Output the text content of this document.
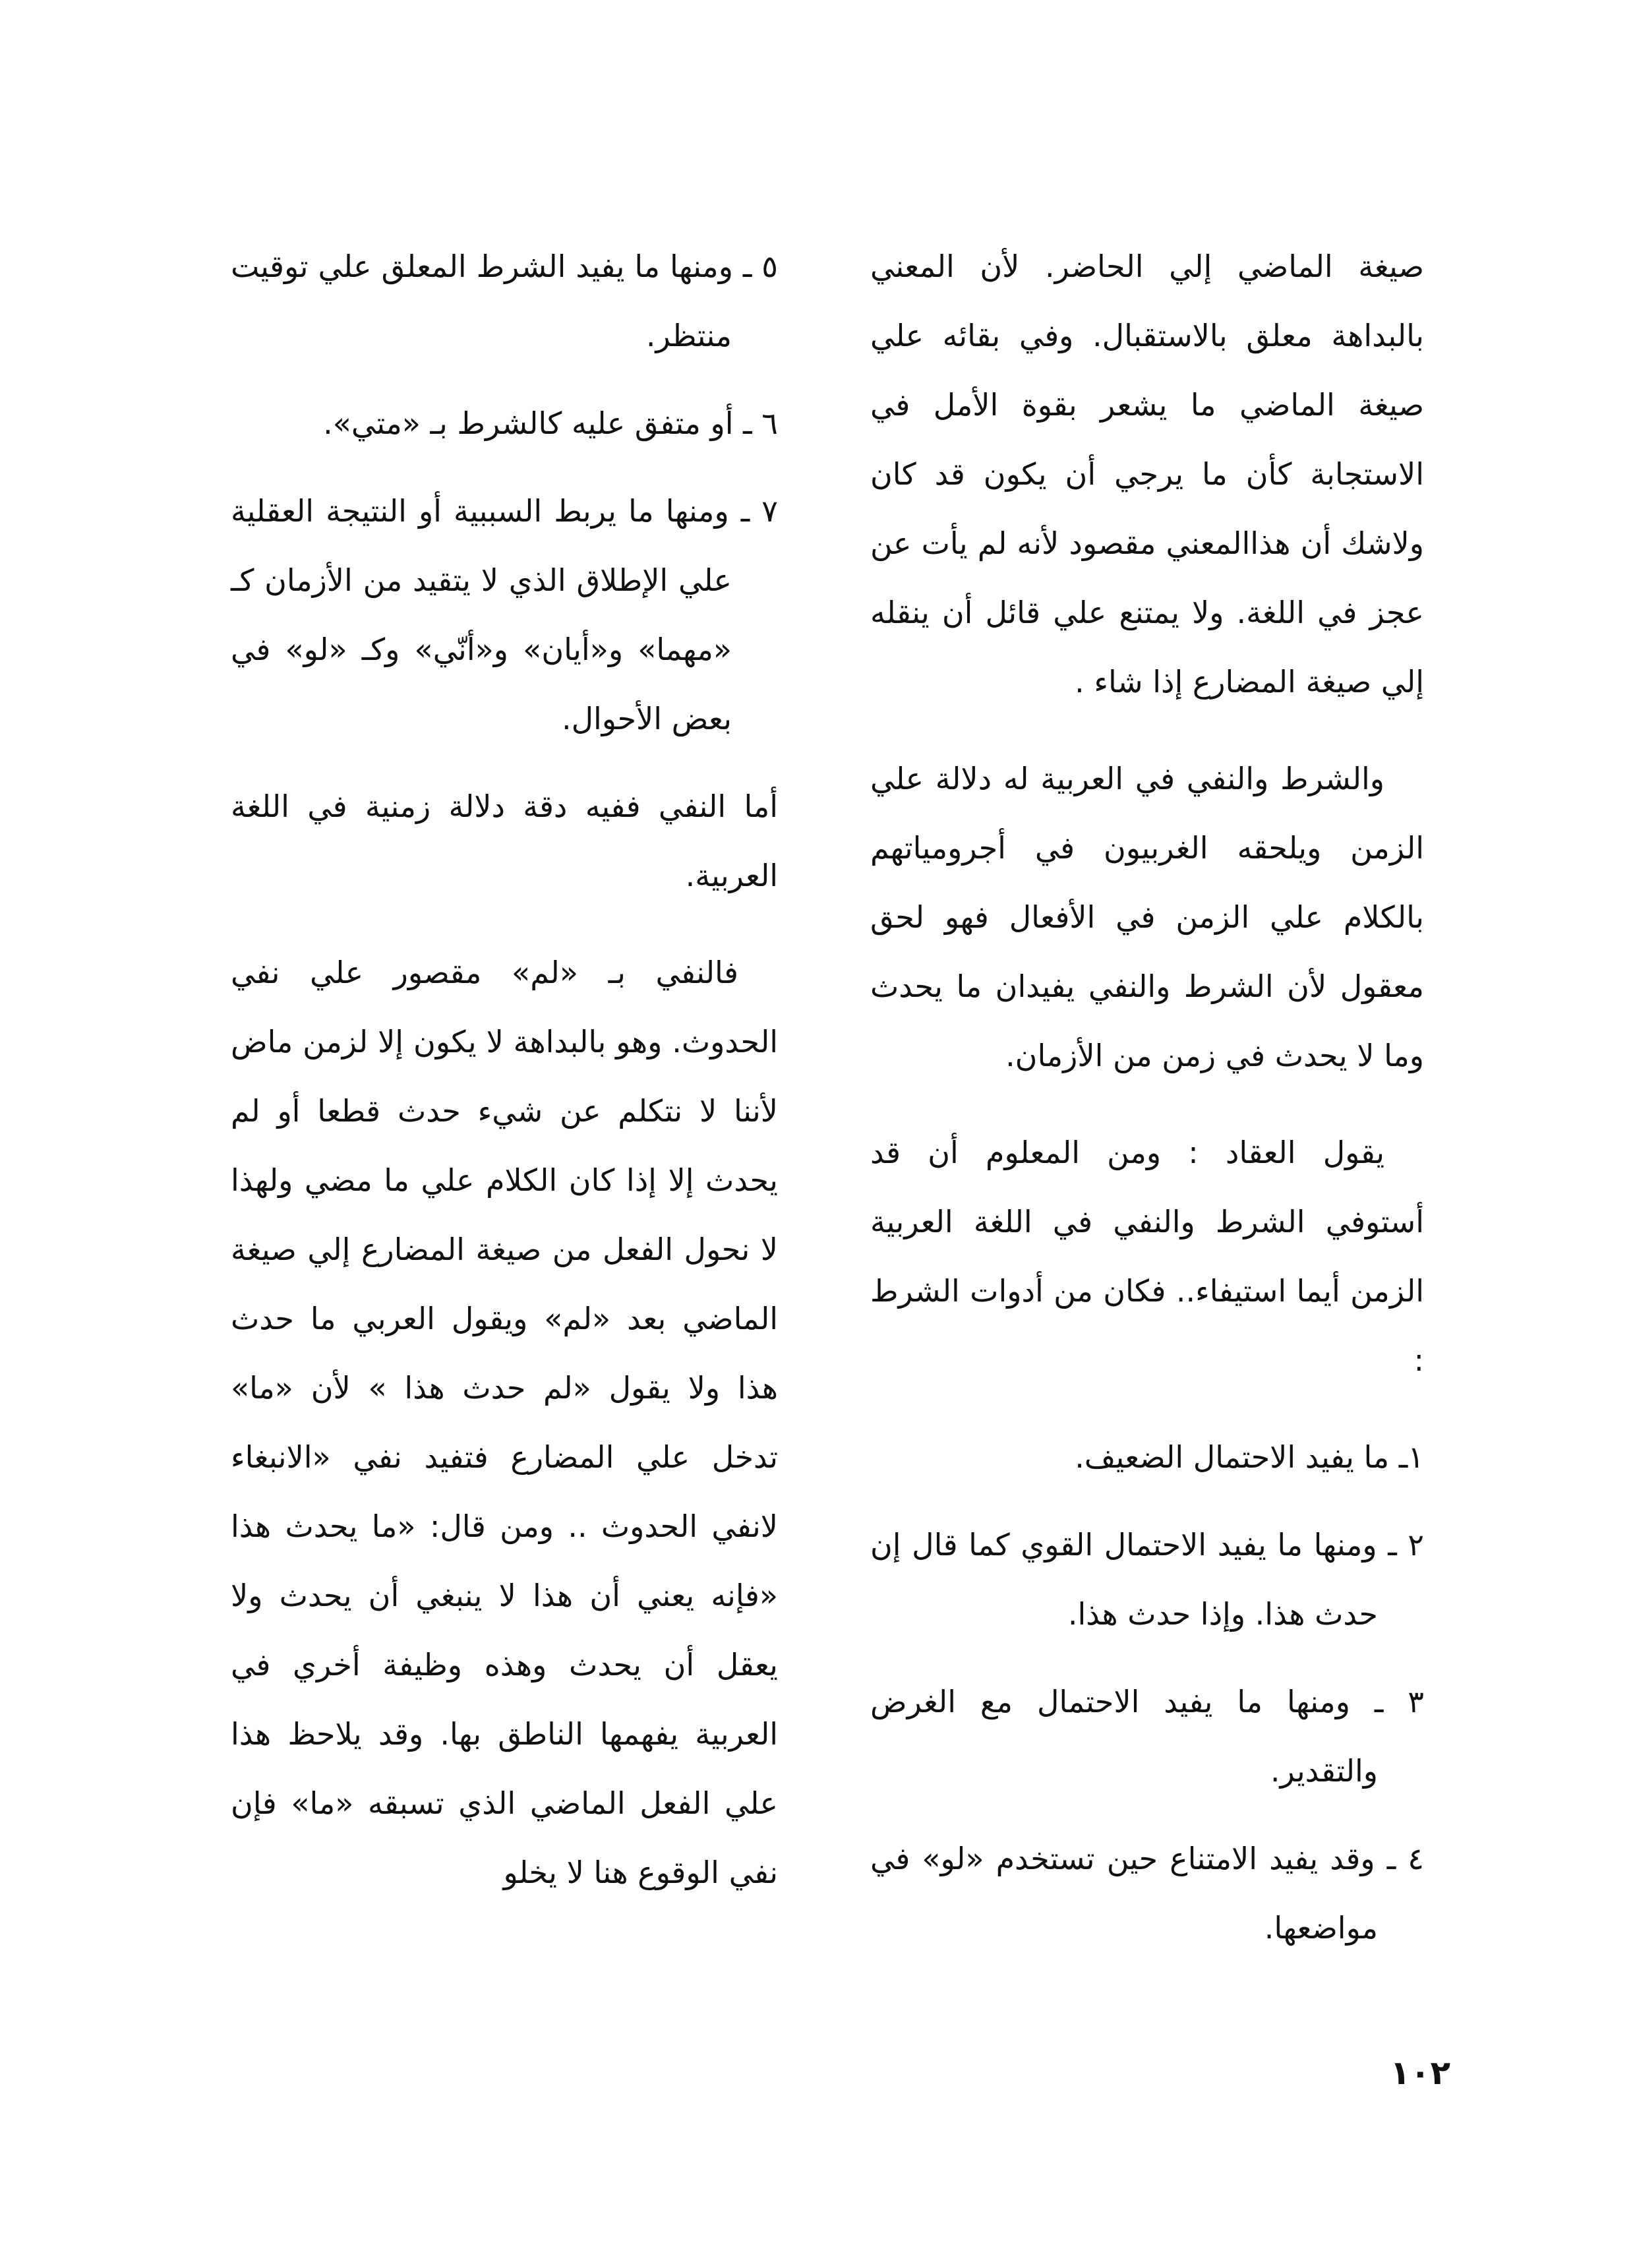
صيغة الماضي إلي الحاضر. لأن المعني بالبداهة معلق بالاستقبال. وفي بقائه علي صيغة الماضي ما يشعر بقوة الأمل في الاستجابة كأن ما يرجي أن يكون قد كان ولاشك أن هذاالمعني مقصود لأنه لم يأت عن عجز في اللغة. ولا يمتنع علي قائل أن ينقله إلي صيغة المضارع إذا شاء .

والشرط والنفي في العربية له دلالة علي الزمن ويلحقه الغربيون في أجرومياتهم بالكلام علي الزمن في الأفعال فهو لحق معقول لأن الشرط والنفي يفيدان ما يحدث وما لا يحدث في زمن من الأزمان.

يقول العقاد : ومن المعلوم أن قد أستوفي الشرط والنفي في اللغة العربية الزمن أيما استيفاء.. فكان من أدوات الشرط :

١ـ ما يفيد الاحتمال الضعيف.

٢ ـ ومنها ما يفيد الاحتمال القوي كما قال إن حدث هذا. وإذا حدث هذا.

٣ ـ ومنها ما يفيد الاحتمال مع الغرض والتقدير.

٤ ـ وقد يفيد الامتناع حين تستخدم «لو» في مواضعها.

٥ ـ ومنها ما يفيد الشرط المعلق علي توقيت منتظر.

٦ ـ أو متفق عليه كالشرط بـ «متي».

٧ ـ ومنها ما يربط السببية أو النتيجة العقلية علي الإطلاق الذي لا يتقيد من الأزمان كـ «مهما» و«أيان» و«أنّي» وكـ «لو» في بعض الأحوال.

أما النفي ففيه دقة دلالة زمنية في اللغة العربية.

فالنفي بـ «لم» مقصور علي نفي الحدوث. وهو بالبداهة لا يكون إلا لزمن ماض لأننا لا نتكلم عن شيء حدث قطعا أو لم يحدث إلا إذا كان الكلام علي ما مضي ولهذا لا نحول الفعل من صيغة المضارع إلي صيغة الماضي بعد «لم» ويقول العربي ما حدث هذا ولا يقول «لم حدث هذا » لأن «ما» تدخل علي المضارع فتفيد نفي «الانبغاء لانفي الحدوث .. ومن قال: «ما يحدث هذا «فإنه يعني أن هذا لا ينبغي أن يحدث ولا يعقل أن يحدث وهذه وظيفة أخري في العربية يفهمها الناطق بها. وقد يلاحظ هذا علي الفعل الماضي الذي تسبقه «ما» فإن نفي الوقوع هنا لا يخلو

١٠٢
